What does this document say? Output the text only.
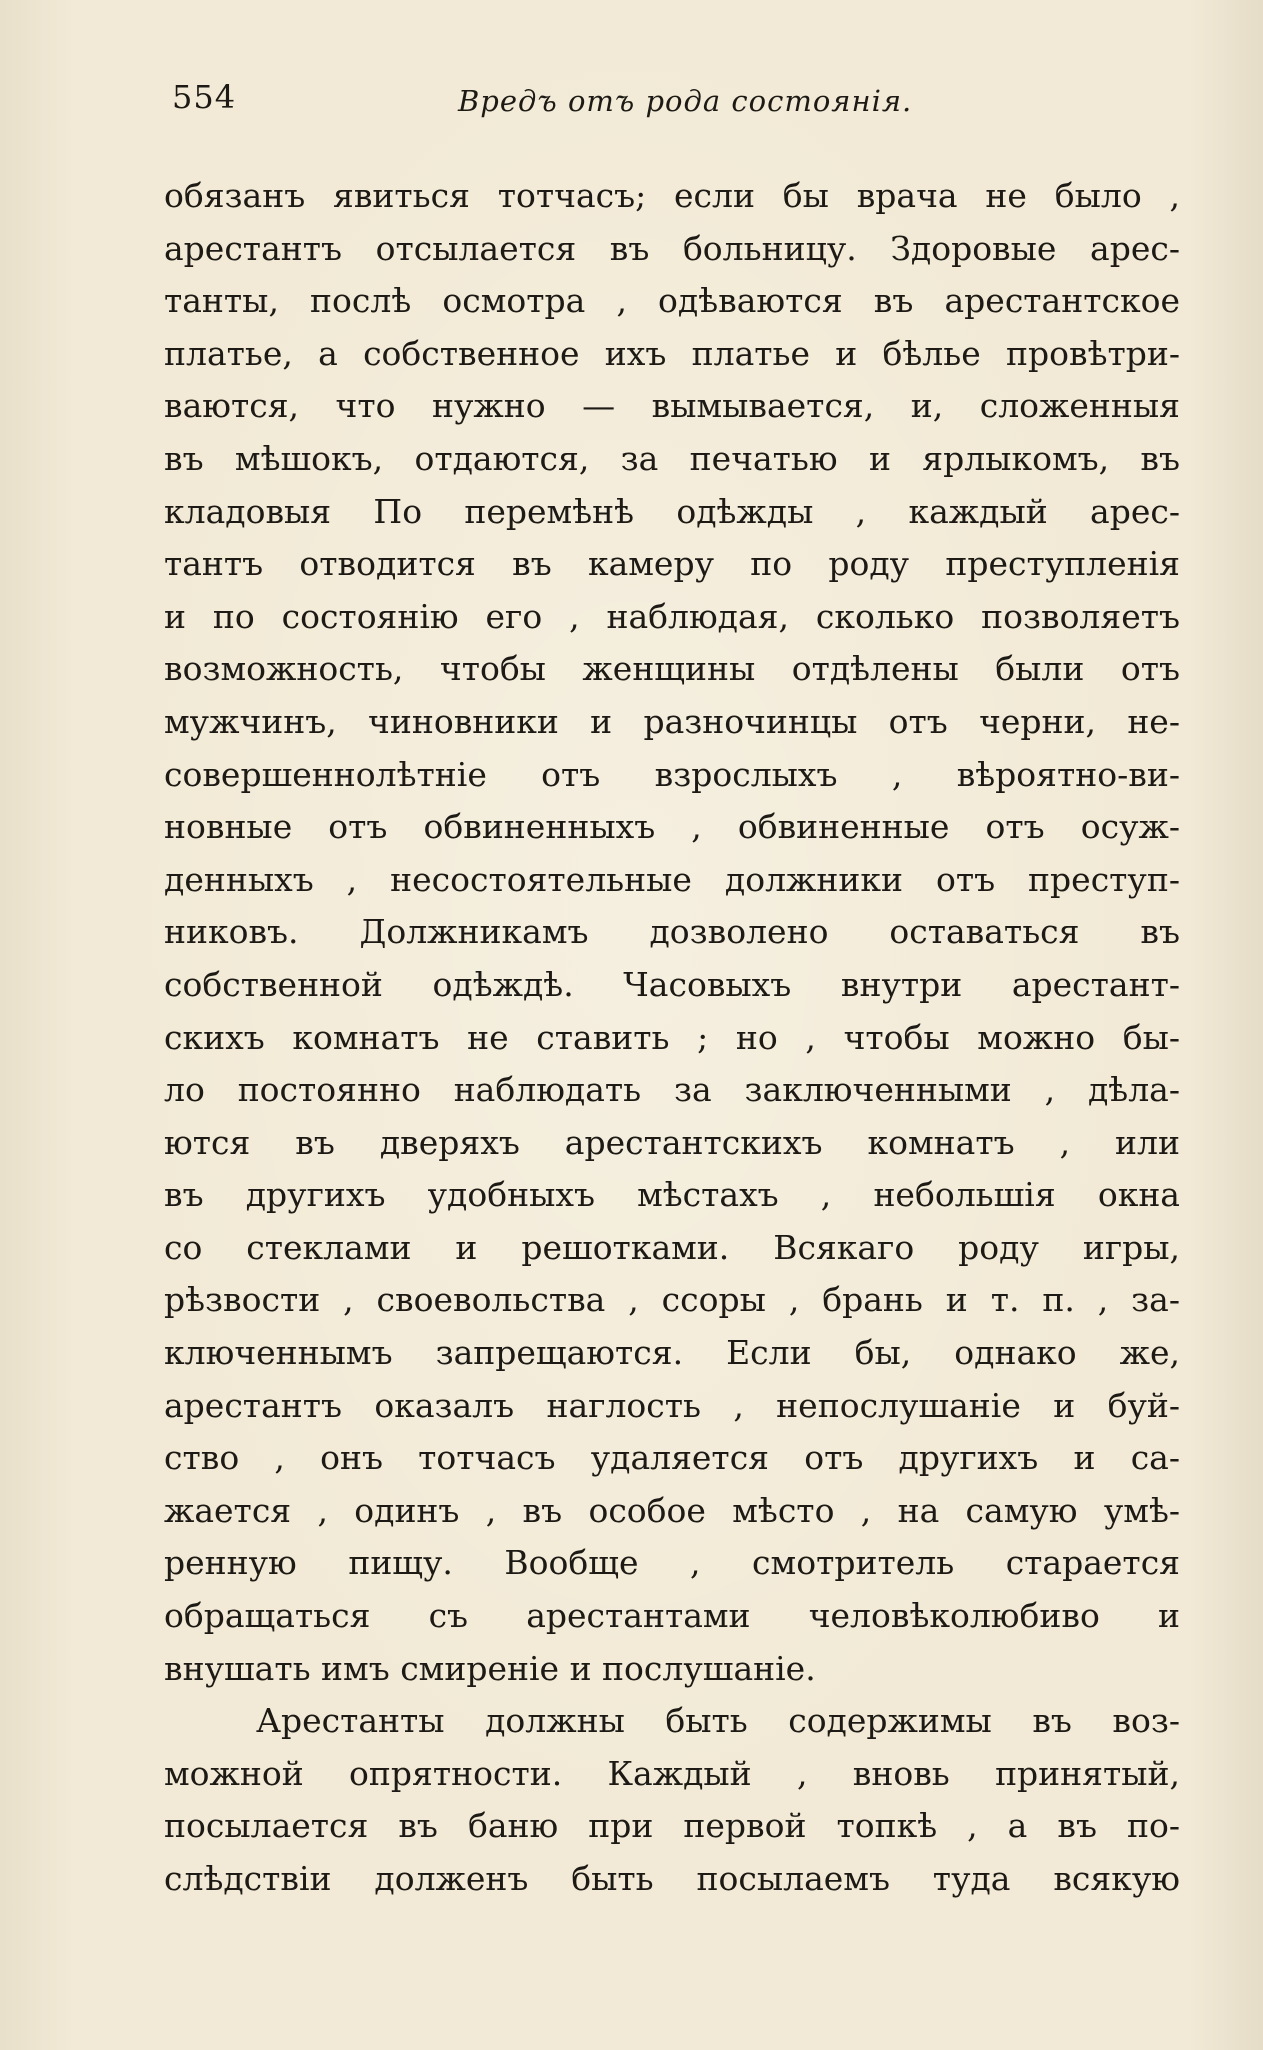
554	Вредъ отъ рода состоянія.
обязанъ явиться тотчасъ; если бы врача не было ,
арестантъ отсылается въ больницу. Здоровые арес-
танты, послѣ осмотра , одѣваются въ арестантское
платье, а собственное ихъ платье и бѣлье провѣтри-
ваются, что нужно — вымывается, и, сложенныя
въ мѣшокъ, отдаются, за печатью и ярлыкомъ, въ
кладовыя По перемѣнѣ одѣжды , каждый арес-
тантъ отводится въ камеру по роду преступленія
и по состоянію его , наблюдая, сколько позволяетъ
возможность, чтобы женщины отдѣлены были отъ
мужчинъ, чиновники и разночинцы отъ черни, не-
совершеннолѣтніе отъ взрослыхъ , вѣроятно-ви-
новные отъ обвиненныхъ , обвиненные отъ осуж-
денныхъ , несостоятельные должники отъ преступ-
никовъ. Должникамъ дозволено оставаться въ
собственной одѣждѣ. Часовыхъ внутри арестант-
скихъ комнатъ не ставить ; но , чтобы можно бы-
ло постоянно наблюдать за заключенными , дѣла-
ются въ дверяхъ арестантскихъ комнатъ , или
въ другихъ удобныхъ мѣстахъ , небольшія окна
со стеклами и решотками. Всякаго роду игры,
рѣзвости , своевольства , ссоры , брань и т. п. , за-
ключеннымъ запрещаются. Если бы, однако же,
арестантъ оказалъ наглость , непослушаніе и буй-
ство , онъ тотчасъ удаляется отъ другихъ и са-
жается , одинъ , въ особое мѣсто , на самую умѣ-
ренную пищу. Вообще , смотритель старается
обращаться съ арестантами человѣколюбиво и
внушать имъ смиреніе и послушаніе.
Арестанты должны быть содержимы въ воз-
можной опрятности. Каждый , вновь принятый,
посылается въ баню при первой топкѣ , а въ по-
слѣдствіи долженъ быть посылаемъ туда всякую
